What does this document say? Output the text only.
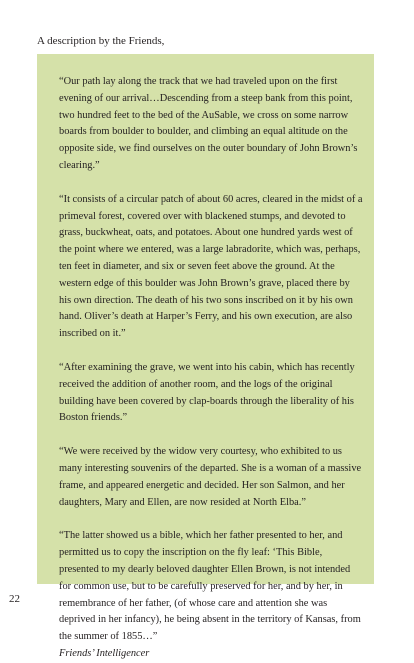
A description by the Friends,

“Our path lay along the track that we had traveled upon on the first evening of our arrival…Descending from a steep bank from this point, two hundred feet to the bed of the AuSable, we cross on some narrow boards from boulder to boulder, and climbing an equal altitude on the opposite side, we find ourselves on the outer boundary of John Brown’s clearing.”

“It consists of a circular patch of about 60 acres, cleared in the midst of a primeval forest, covered over with blackened stumps, and devoted to grass, buckwheat, oats, and potatoes. About one hundred yards west of the point where we entered, was a large labradorite, which was, perhaps, ten feet in diameter, and six or seven feet above the ground. At the western edge of this boulder was John Brown’s grave, placed there by his own direction. The death of his two sons inscribed on it by his own hand. Oliver’s death at Harper’s Ferry, and his own execution, are also inscribed on it.”

“After examining the grave, we went into his cabin, which has recently received the addition of another room, and the logs of the original building have been covered by clap-boards through the liberality of his Boston friends.”

“We were received by the widow very courtesy, who exhibited to us many interesting souvenirs of the departed. She is a woman of a massive frame, and appeared energetic and decided. Her son Salmon, and her daughters, Mary and Ellen, are now resided at North Elba.”

“The latter showed us a bible, which her father presented to her, and permitted us to copy the inscription on the fly leaf: ‘This Bible, presented to my dearly beloved daughter Ellen Brown, is not intended for common use, but to be carefully preserved for her, and by her, in remembrance of her father, (of whose care and attention she was deprived in her infancy), he being absent in the territory of Kansas, from the summer of 1855…”
Friends’ Intelligencer

22
